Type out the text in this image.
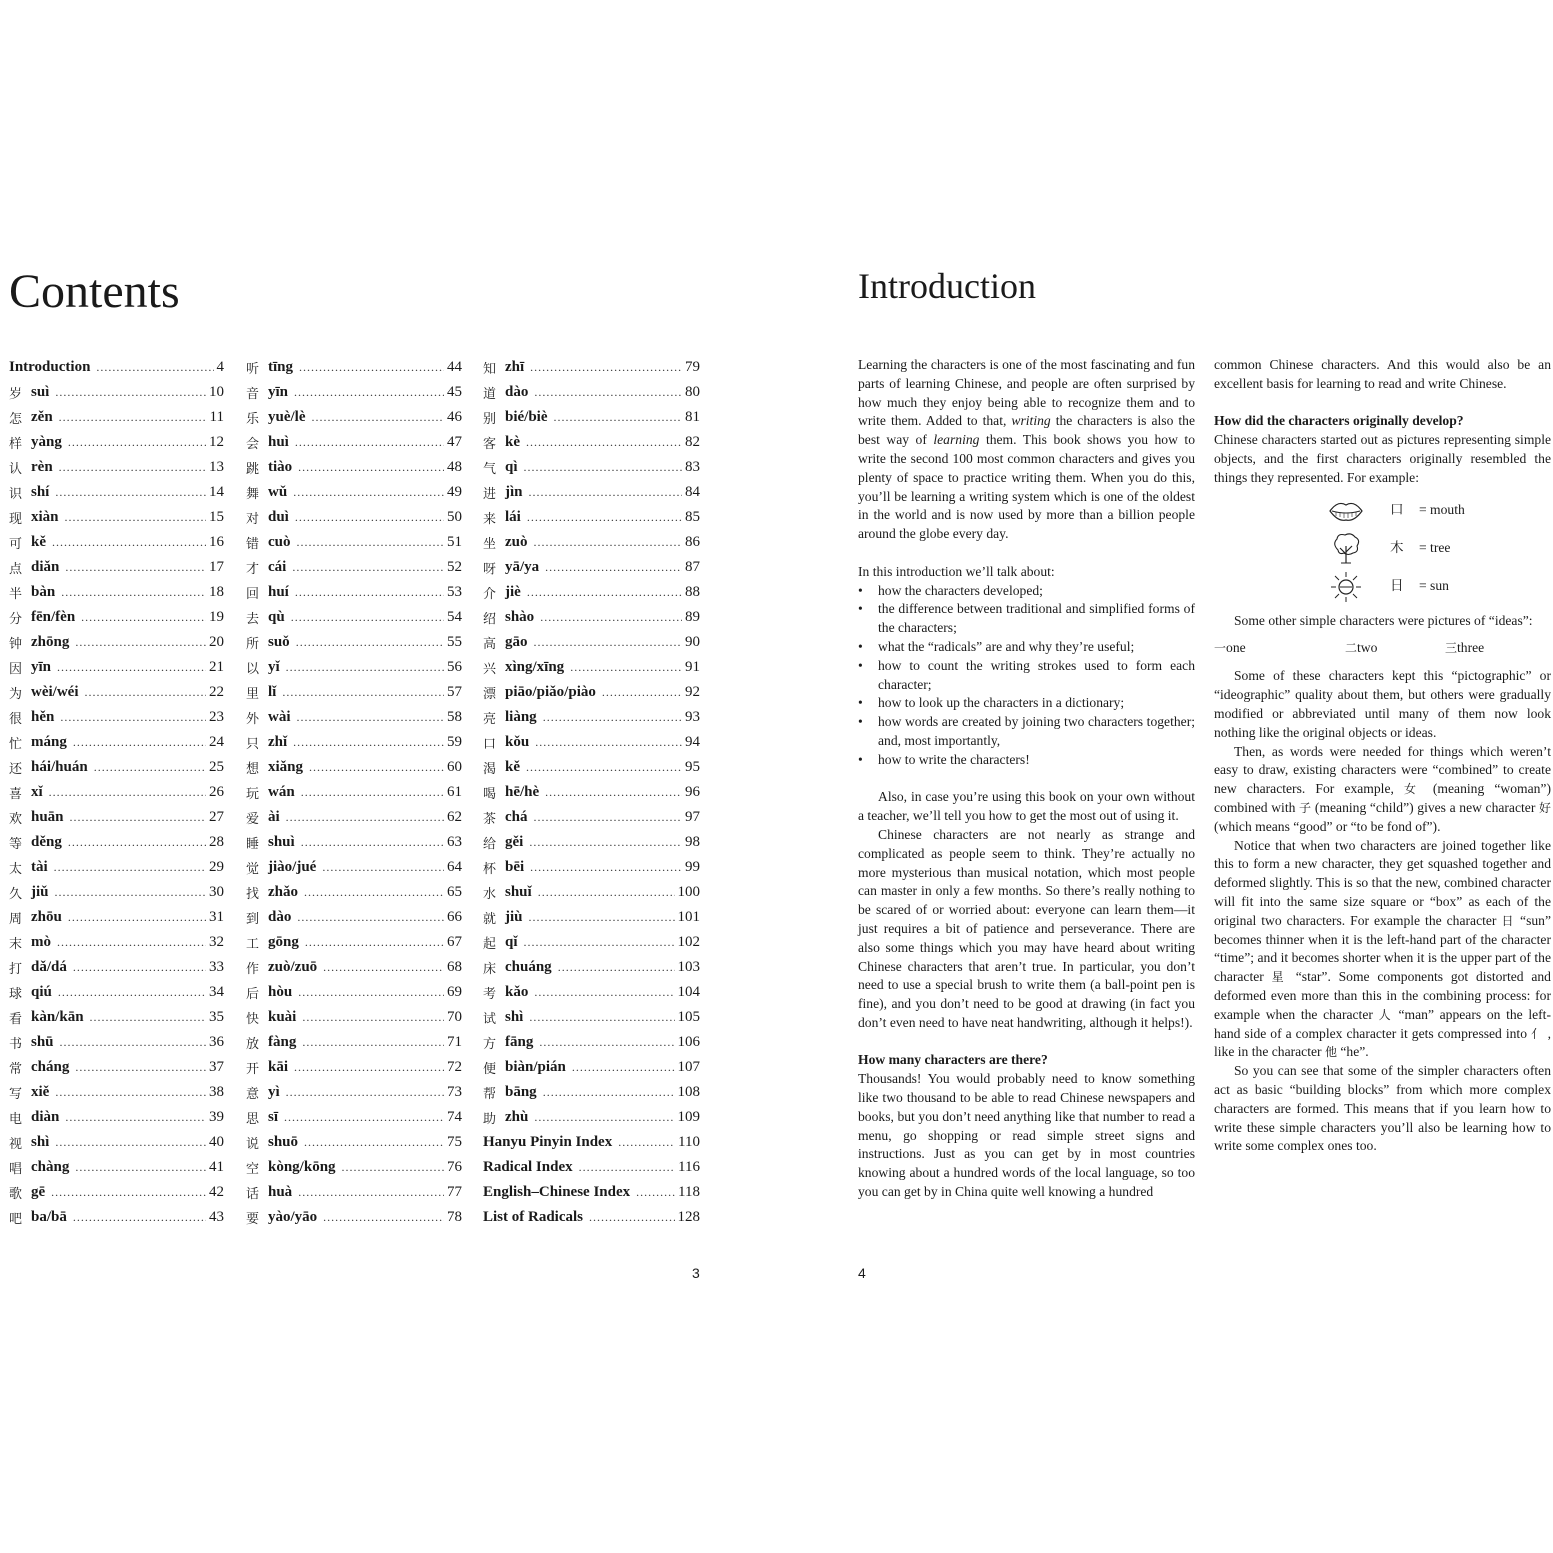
Contents
Introduction .....	4
岁 suì .....	10
怎 zěn .....	11
样 yàng .....	12
认 rèn .....	13
识 shí .....	14
现 xiàn .....	15
可 kě .....	16
点 diǎn .....	17
半 bàn .....	18
分 fēn/fèn .....	19
钟 zhōng .....	20
因 yīn .....	21
为 wèi/wéi .....	22
很 hěn .....	23
忙 máng .....	24
还 hái/huán .....	25
喜 xǐ .....	26
欢 huān .....	27
等 děng .....	28
太 tài .....	29
久 jiǔ .....	30
周 zhōu .....	31
末 mò .....	32
打 dǎ/dá .....	33
球 qiú .....	34
看 kàn/kān .....	35
书 shū .....	36
常 cháng .....	37
写 xiě .....	38
电 diàn .....	39
视 shì .....	40
唱 chàng .....	41
歌 gē .....	42
吧 ba/bā .....	43
听 tīng .....	44
音 yīn .....	45
乐 yuè/lè .....	46
会 huì .....	47
跳 tiào .....	48
舞 wǔ .....	49
对 duì .....	50
错 cuò .....	51
才 cái .....	52
回 huí .....	53
去 qù .....	54
所 suǒ .....	55
以 yǐ .....	56
里 lǐ .....	57
外 wài .....	58
只 zhǐ .....	59
想 xiǎng .....	60
玩 wán .....	61
爱 ài .....	62
睡 shuì .....	63
觉 jiào/jué .....	64
找 zhǎo .....	65
到 dào .....	66
工 gōng .....	67
作 zuò/zuō .....	68
后 hòu .....	69
快 kuài .....	70
放 fàng .....	71
开 kāi .....	72
意 yì .....	73
思 sī .....	74
说 shuō .....	75
空 kòng/kōng .....	76
话 huà .....	77
要 yào/yāo .....	78
知 zhī .....	79
道 dào .....	80
别 bié/biè .....	81
客 kè .....	82
气 qì .....	83
进 jìn .....	84
来 lái .....	85
坐 zuò .....	86
呀 yā/ya .....	87
介 jiè .....	88
绍 shào .....	89
高 gāo .....	90
兴 xìng/xīng .....	91
漂 piāo/piǎo/piào .....	92
亮 liàng .....	93
口 kǒu .....	94
渴 kě .....	95
喝 hē/hè .....	96
茶 chá .....	97
给 gěi .....	98
杯 bēi .....	99
水 shuǐ .....	100
就 jiù .....	101
起 qǐ .....	102
床 chuáng .....	103
考 kǎo .....	104
试 shì .....	105
方 fāng .....	106
便 biàn/pián .....	107
帮 bāng .....	108
助 zhù .....	109
Hanyu Pinyin Index .....	110
Radical Index .....	116
English–Chinese Index .....	118
List of Radicals .....	128
3
Introduction

Learning the characters is one of the most fascinating and fun parts of learning Chinese, and people are often surprised by how much they enjoy being able to recognize them and to write them. Added to that, writing the characters is also the best way of learning them. This book shows you how to write the second 100 most common characters and gives you plenty of space to practice writing them. When you do this, you’ll be learning a writing system which is one of the oldest in the world and is now used by more than a billion people around the globe every day.

In this introduction we’ll talk about:

• how the characters developed;
• the difference between traditional and simplified forms of the characters;
• what the “radicals” are and why they’re useful;
• how to count the writing strokes used to form each character;
• how to look up the characters in a dictionary;
• how words are created by joining two characters together; and, most importantly,
• how to write the characters!

Also, in case you’re using this book on your own without a teacher, we’ll tell you how to get the most out of using it.

Chinese characters are not nearly as strange and complicated as people seem to think. They’re actually no more mysterious than musical notation, which most people can master in only a few months. So there’s really nothing to be scared of or worried about: everyone can learn them—it just requires a bit of patience and perseverance. There are also some things which you may have heard about writing Chinese characters that aren’t true. In particular, you don’t need to use a special brush to write them (a ball-point pen is fine), and you don’t need to be good at drawing (in fact you don’t even need to have neat handwriting, although it helps!).

How many characters are there?

Thousands! You would probably need to know something like two thousand to be able to read Chinese newspapers and books, but you don’t need anything like that number to read a menu, go shopping or read simple street signs and instructions. Just as you can get by in most countries knowing about a hundred words of the local language, so too you can get by in China quite well knowing a hundred

common Chinese characters. And this would also be an excellent basis for learning to read and write Chinese.

How did the characters originally develop?

Chinese characters started out as pictures representing simple objects, and the first characters originally resembled the things they represented. For example:

口 = mouth
木 = tree
日 = sun

Some other simple characters were pictures of “ideas”:

一one	二two	三three

Some of these characters kept this “pictographic” or “ideographic” quality about them, but others were gradually modified or abbreviated until many of them now look nothing like the original objects or ideas.

Then, as words were needed for things which weren’t easy to draw, existing characters were “combined” to create new characters. For example, 女 (meaning “woman”) combined with 子 (meaning “child”) gives a new character 好 (which means “good” or “to be fond of”).

Notice that when two characters are joined together like this to form a new character, they get squashed together and deformed slightly. This is so that the new, combined character will fit into the same size square or “box” as each of the original two characters. For example the character 日 “sun” becomes thinner when it is the left-hand part of the character “time”; and it becomes shorter when it is the upper part of the character 星 “star”. Some components got distorted and deformed even more than this in the combining process: for example when the character 人 “man” appears on the left-hand side of a complex character it gets compressed into 亻 , like in the character 他 “he”.

So you can see that some of the simpler characters often act as basic “building blocks” from which more complex characters are formed. This means that if you learn how to write these simple characters you’ll also be learning how to write some complex ones too.

4
